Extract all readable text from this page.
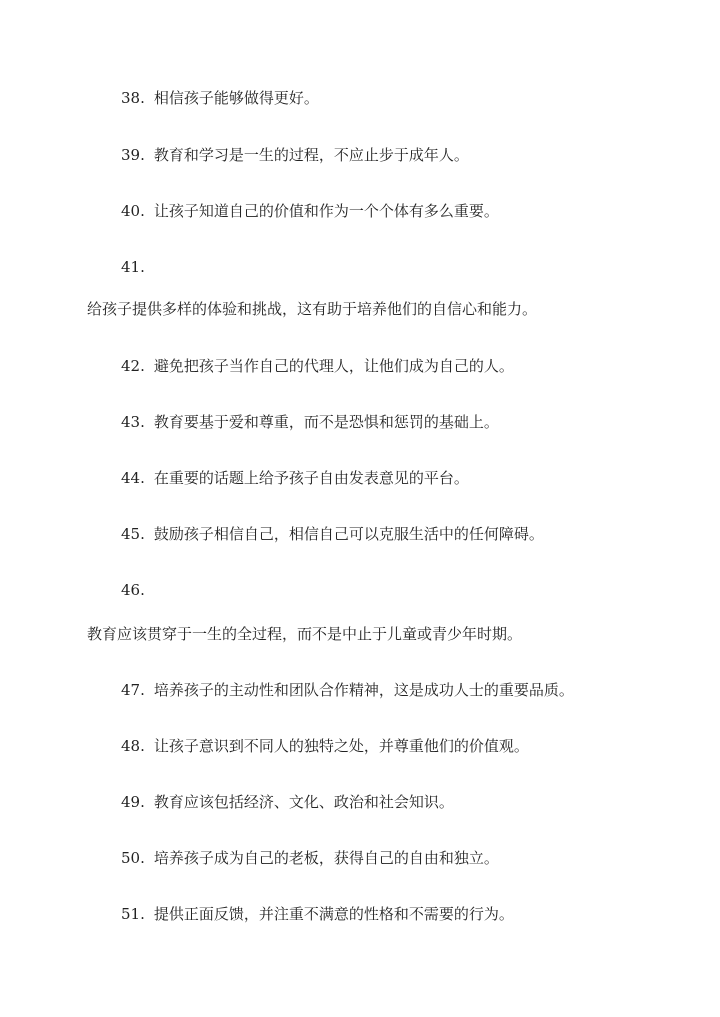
38. 相信孩子能够做得更好。

39. 教育和学习是一生的过程，不应止步于成年人。

40. 让孩子知道自己的价值和作为一个个体有多么重要。

41.

给孩子提供多样的体验和挑战，这有助于培养他们的自信心和能力。

42. 避免把孩子当作自己的代理人，让他们成为自己的人。

43. 教育要基于爱和尊重，而不是恐惧和惩罚的基础上。

44. 在重要的话题上给予孩子自由发表意见的平台。

45. 鼓励孩子相信自己，相信自己可以克服生活中的任何障碍。

46.

教育应该贯穿于一生的全过程，而不是中止于儿童或青少年时期。

47. 培养孩子的主动性和团队合作精神，这是成功人士的重要品质。

48. 让孩子意识到不同人的独特之处，并尊重他们的价值观。

49. 教育应该包括经济、文化、政治和社会知识。

50. 培养孩子成为自己的老板，获得自己的自由和独立。

51. 提供正面反馈，并注重不满意的性格和不需要的行为。
